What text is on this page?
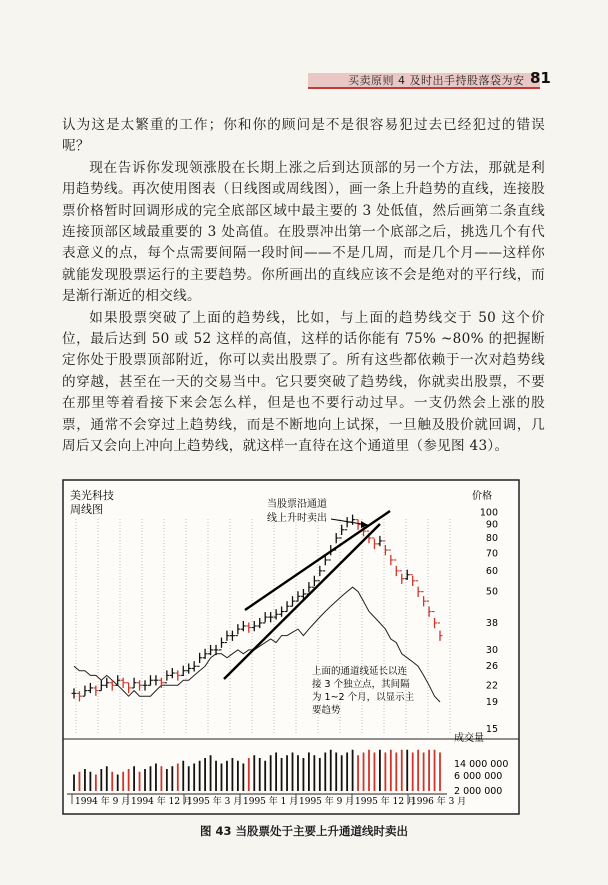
买卖原则 4 及时出手持股落袋为安 81

认为这是太繁重的工作；你和你的顾问是不是很容易犯过去已经犯过的错误呢？

现在告诉你发现领涨股在长期上涨之后到达顶部的另一个方法，那就是利用趋势线。再次使用图表（日线图或周线图），画一条上升趋势的直线，连接股票价格暂时回调形成的完全底部区域中最主要的 3 处低值，然后画第二条直线连接顶部区域最重要的 3 处高值。在股票冲出第一个底部之后，挑选几个有代表意义的点，每个点需要间隔一段时间——不是几周，而是几个月——这样你就能发现股票运行的主要趋势。你所画出的直线应该不会是绝对的平行线，而是渐行渐近的相交线。

如果股票突破了上面的趋势线，比如，与上面的趋势线交于 50 这个价位，最后达到 50 或 52 这样的高值，这样的话你能有 75% ~80% 的把握断定你处于股票顶部附近，你可以卖出股票了。所有这些都依赖于一次对趋势线的穿越，甚至在一天的交易当中。它只要突破了趋势线，你就卖出股票，不要在那里等着看接下来会怎么样，但是也不要行动过早。一支仍然会上涨的股票，通常不会穿过上趋势线，而是不断地向上试探，一旦触及股价就回调，几周后又会向上冲向上趋势线，就这样一直待在这个通道里（参见图 43）。

100
90
80
70
60
50
38
30
26
22
19
15
1994 年 9 月 1994 年 12 月
1995 年 3 月 1995 年 1 月 1995 年 9 月 1995 年 12 月
1996 年 3 月
美光科技
周线图	当股票沿通道
线上升时卖出
上面的通道线延长以连
接 3 个独立点，其间隔
为 1~2 个月，以显示主
要趋势
价格
成交量
14 000 000
6 000 000
2 000 000
图 43 当股票处于主要上升通道线时卖出
